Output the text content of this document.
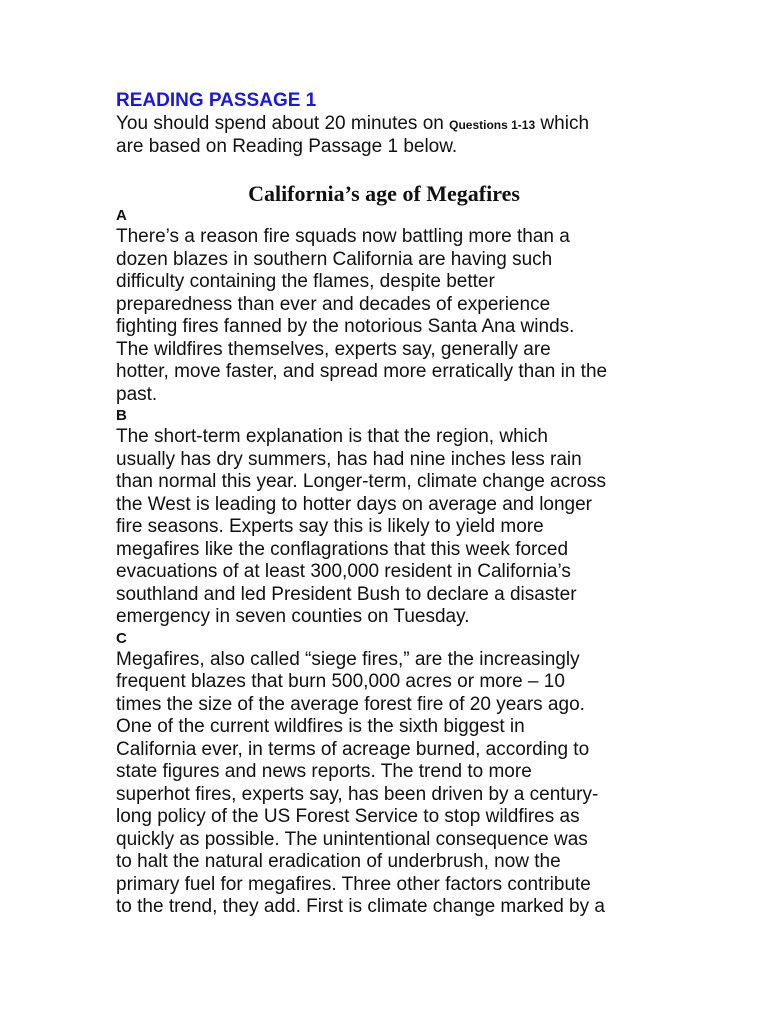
READING PASSAGE 1

You should spend about 20 minutes on Questions 1-13 which
are based on Reading Passage 1 below.

California’s age of Megafires

A

There’s a reason fire squads now battling more than a
dozen blazes in southern California are having such
difficulty containing the flames, despite better
preparedness than ever and decades of experience
fighting fires fanned by the notorious Santa Ana winds.
The wildfires themselves, experts say, generally are
hotter, move faster, and spread more erratically than in the
past.

B

The short-term explanation is that the region, which
usually has dry summers, has had nine inches less rain
than normal this year. Longer-term, climate change across
the West is leading to hotter days on average and longer
fire seasons. Experts say this is likely to yield more
megafires like the conflagrations that this week forced
evacuations of at least 300,000 resident in California’s
southland and led President Bush to declare a disaster
emergency in seven counties on Tuesday.

C

Megafires, also called “siege fires,” are the increasingly
frequent blazes that burn 500,000 acres or more – 10
times the size of the average forest fire of 20 years ago.
One of the current wildfires is the sixth biggest in
California ever, in terms of acreage burned, according to
state figures and news reports. The trend to more
superhot fires, experts say, has been driven by a century-
long policy of the US Forest Service to stop wildfires as
quickly as possible. The unintentional consequence was
to halt the natural eradication of underbrush, now the
primary fuel for megafires. Three other factors contribute
to the trend, they add. First is climate change marked by a
